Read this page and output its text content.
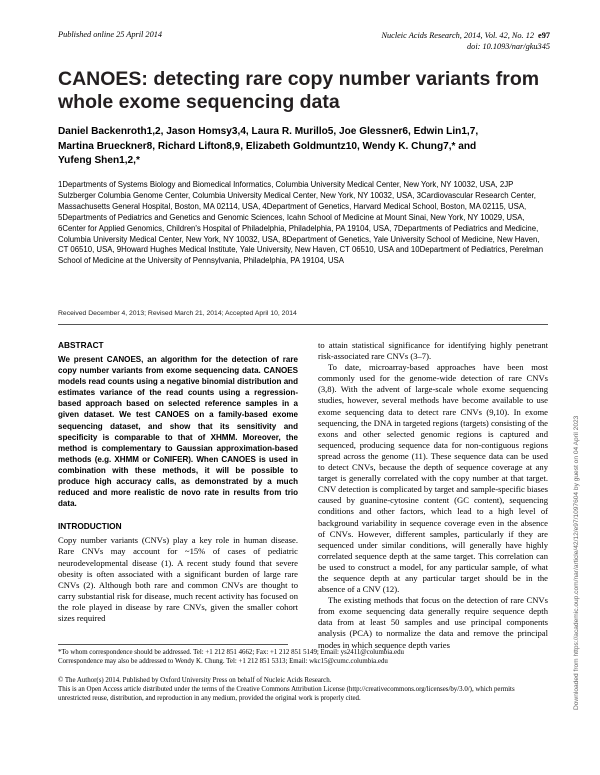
Published online 25 April 2014	Nucleic Acids Research, 2014, Vol. 42, No. 12 e97
doi: 10.1093/nar/gku345
CANOES: detecting rare copy number variants from whole exome sequencing data
Daniel Backenroth1,2, Jason Homsy3,4, Laura R. Murillo5, Joe Glessner6, Edwin Lin1,7,
Martina Brueckner8, Richard Lifton8,9, Elizabeth Goldmuntz10, Wendy K. Chung7,* and
Yufeng Shen1,2,*
1Departments of Systems Biology and Biomedical Informatics, Columbia University Medical Center, New York, NY 10032, USA, 2JP Sulzberger Columbia Genome Center, Columbia University Medical Center, New York, NY 10032, USA, 3Cardiovascular Research Center, Massachusetts General Hospital, Boston, MA 02114, USA, 4Department of Genetics, Harvard Medical School, Boston, MA 02115, USA, 5Departments of Pediatrics and Genetics and Genomic Sciences, Icahn School of Medicine at Mount Sinai, New York, NY 10029, USA, 6Center for Applied Genomics, Children's Hospital of Philadelphia, Philadelphia, PA 19104, USA, 7Departments of Pediatrics and Medicine, Columbia University Medical Center, New York, NY 10032, USA, 8Department of Genetics, Yale University School of Medicine, New Haven, CT 06510, USA, 9Howard Hughes Medical Institute, Yale University, New Haven, CT 06510, USA and 10Department of Pediatrics, Perelman School of Medicine at the University of Pennsylvania, Philadelphia, PA 19104, USA
Received December 4, 2013; Revised March 21, 2014; Accepted April 10, 2014
ABSTRACT

We present CANOES, an algorithm for the detection of rare copy number variants from exome sequencing data. CANOES models read counts using a negative binomial distribution and estimates variance of the read counts using a regression-based approach based on selected reference samples in a given dataset. We test CANOES on a family-based exome sequencing dataset, and show that its sensitivity and specificity is comparable to that of XHMM. Moreover, the method is complementary to Gaussian approximation-based methods (e.g. XHMM or CoNIFER). When CANOES is used in combination with these methods, it will be possible to produce high accuracy calls, as demonstrated by a much reduced and more realistic de novo rate in results from trio data.

INTRODUCTION

Copy number variants (CNVs) play a key role in human disease. Rare CNVs may account for ~15% of cases of pediatric neurodevelopmental disease (1). A recent study found that severe obesity is often associated with a significant burden of large rare CNVs (2). Although both rare and common CNVs are thought to carry substantial risk for disease, much recent activity has focused on the role played in disease by rare CNVs, given the smaller cohort sizes required

to attain statistical significance for identifying highly penetrant risk-associated rare CNVs (3–7).

To date, microarray-based approaches have been most commonly used for the genome-wide detection of rare CNVs (3,8). With the advent of large-scale whole exome sequencing studies, however, several methods have become available to use exome sequencing data to detect rare CNVs (9,10). In exome sequencing, the DNA in targeted regions (targets) consisting of the exons and other selected genomic regions is captured and sequenced, producing sequence data for non-contiguous regions spread across the genome (11). These sequence data can be used to detect CNVs, because the depth of sequence coverage at any target is generally correlated with the copy number at that target. CNV detection is complicated by target and sample-specific biases caused by guanine-cytosine content (GC content), sequencing conditions and other factors, which lead to a high level of background variability in sequence coverage even in the absence of CNVs. However, different samples, particularly if they are sequenced under similar conditions, will generally have highly correlated sequence depth at the same target. This correlation can be used to construct a model, for any particular sample, of what the sequence depth at any particular target should be in the absence of a CNV (12).

The existing methods that focus on the detection of rare CNVs from exome sequencing data generally require sequence depth data from at least 50 samples and use principal components analysis (PCA) to normalize the data and remove the principal modes in which sequence depth varies

*To whom correspondence should be addressed. Tel: +1 212 851 4662; Fax: +1 212 851 5149; Email: ys2411@columbia.edu
Correspondence may also be addressed to Wendy K. Chung. Tel: +1 212 851 5313; Email: wkc15@cumc.columbia.edu
© The Author(s) 2014. Published by Oxford University Press on behalf of Nucleic Acids Research.
This is an Open Access article distributed under the terms of the Creative Commons Attribution License (http://creativecommons.org/licenses/by/3.0/), which permits unrestricted reuse, distribution, and reproduction in any medium, provided the original work is properly cited.	Downloaded from https://academic.oup.com/nar/article/42/12/e97/1097604 by guest on 04 April 2023
